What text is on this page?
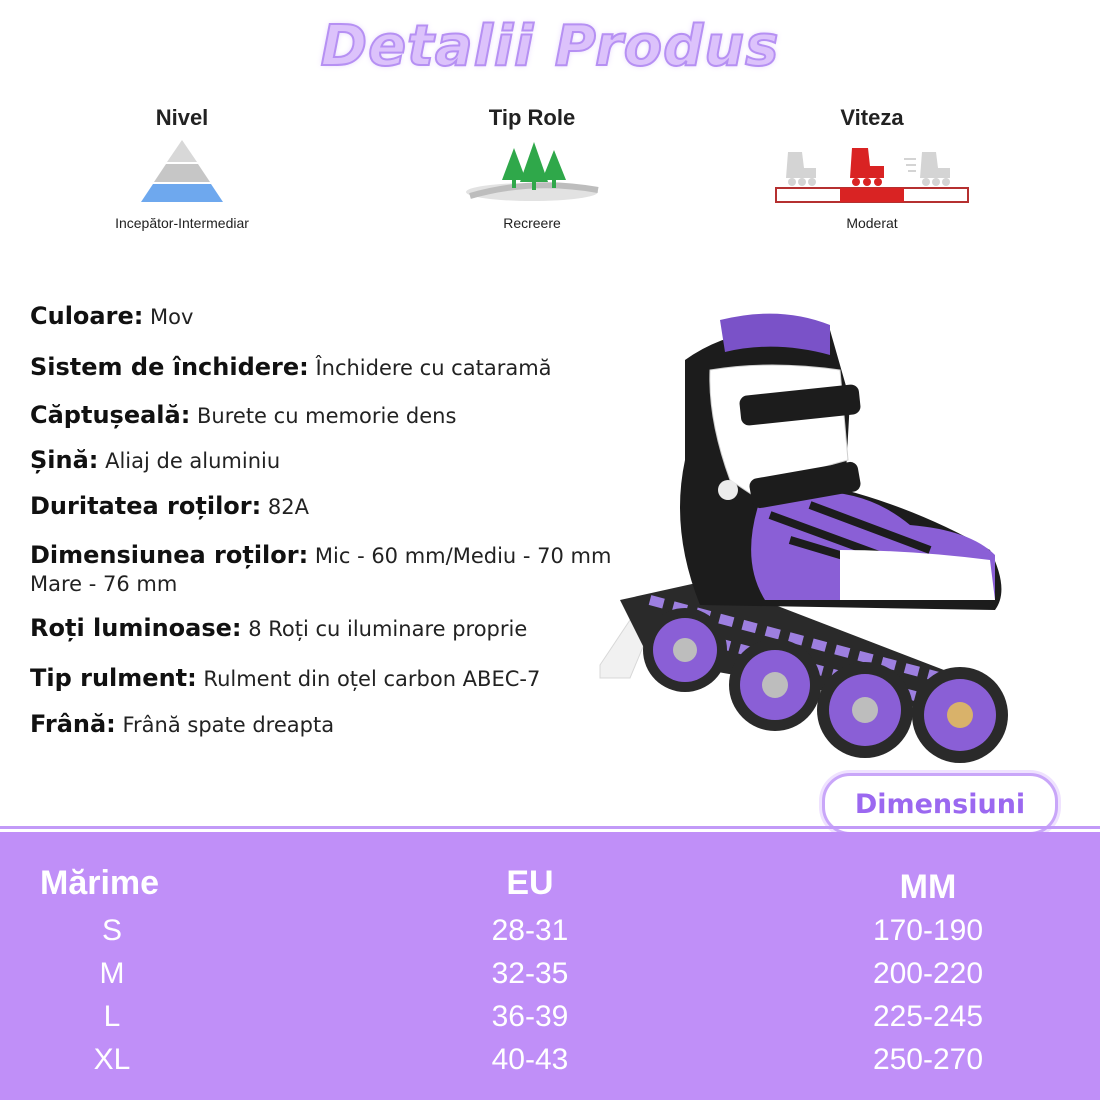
Detalii Produs
Nivel
Incepător-Intermediar
Tip Role
Recreere
Viteza
Moderat
Culoare: Mov
Sistem de închidere: Închidere cu cataramă
Căptușeală: Burete cu memorie dens
Șină: Aliaj de aluminiu
Duritatea roților: 82A
Dimensiunea roților: Mic - 60 mm/Mediu - 70 mm
Mare - 76 mm
Roți luminoase: 8 Roți cu iluminare proprie
Tip rulment: Rulment din oțel carbon ABEC-7
Frână: Frână spate dreapta
Dimensiuni
Mărime	EU	MM
S	28-31	170-190
M	32-35	200-220
L	36-39	225-245
XL	40-43	250-270
